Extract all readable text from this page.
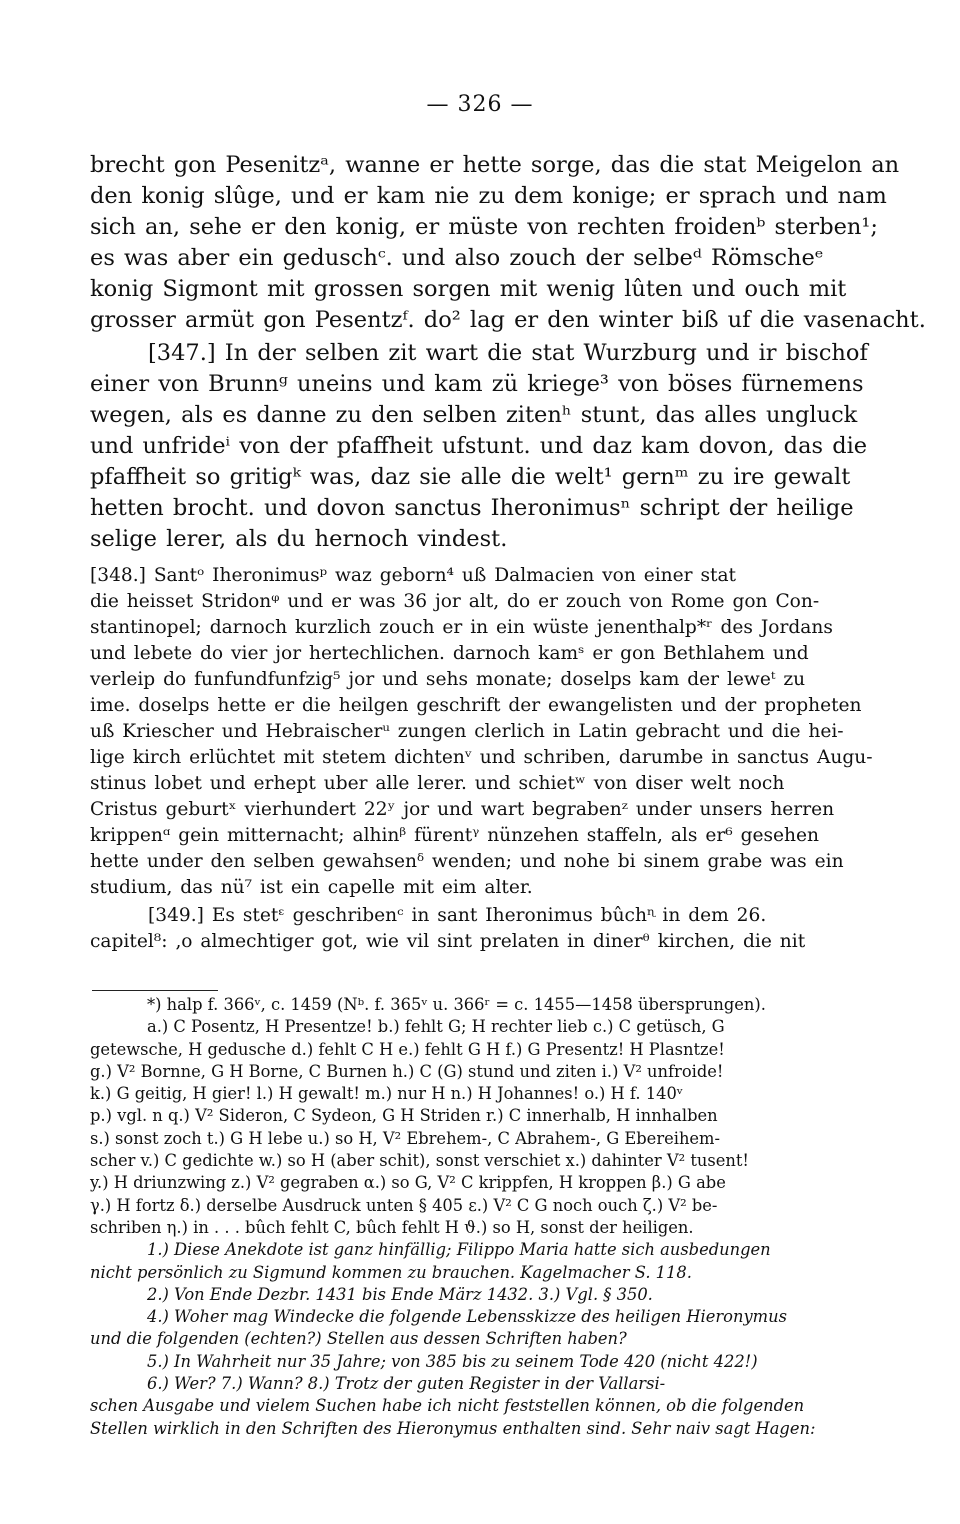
— 326 —
brecht gon Pesenitzᵃ, wanne er hette sorge, das die stat Meigelon an
den konig slûge, und er kam nie zu dem konige; er sprach und nam
sich an, sehe er den konig, er müste von rechten froidenᵇ sterben¹;
es was aber ein geduschᶜ. und also zouch der selbeᵈ Römscheᵉ
konig Sigmont mit grossen sorgen mit wenig lûten und ouch mit
grosser armüt gon Pesentzᶠ. do² lag er den winter biß uf die vasenacht.
[347.] In der selben zit wart die stat Wurzburg und ir bischof
einer von Brunnᵍ uneins und kam zü kriege³ von böses fürnemens
wegen, als es danne zu den selben zitenʰ stunt, das alles ungluck
und unfrideⁱ von der pfaffheit ufstunt. und daz kam dovon, das die
pfaffheit so gritigᵏ was, daz sie alle die welt¹ gernᵐ zu ire gewalt
hetten brocht. und dovon sanctus Iheronimusⁿ schript der heilige
selige lerer, als du hernoch vindest.
[348.] Santᵒ Iheronimusᵖ waz geborn⁴ uß Dalmacien von einer stat
die heisset Stridonᵠ und er was 36 jor alt, do er zouch von Rome gon Con-
stantinopel; darnoch kurzlich zouch er in ein wüste jenenthalp*ʳ des Jordans
und lebete do vier jor hertechlichen. darnoch kamˢ er gon Bethlahem und
verleip do funfundfunfzig⁵ jor und sehs monate; doselps kam der leweᵗ zu
ime. doselps hette er die heilgen geschrift der ewangelisten und der propheten
uß Kriescher und Hebraischerᵘ zungen clerlich in Latin gebracht und die hei-
lige kirch erlüchtet mit stetem dichtenᵛ und schriben, darumbe in sanctus Augu-
stinus lobet und erhept uber alle lerer. und schietʷ von diser welt noch
Cristus geburtˣ vierhundert 22ʸ jor und wart begrabenᶻ under unsers herren
krippenᵅ gein mitternacht; alhinᵝ fürentᵞ nünzehen staffeln, als er⁶ gesehen
hette under den selben gewahsenᵟ wenden; und nohe bi sinem grabe was ein
studium, das nü⁷ ist ein capelle mit eim alter.
[349.] Es stetᵋ geschribenᶜ in sant Iheronimus bûchᶯ in dem 26.
capitel⁸: ‚o almechtiger got, wie vil sint prelaten in dinerᶿ kirchen, die nit
*) halp f. 366ᵛ, c. 1459 (Nᵇ. f. 365ᵛ u. 366ʳ = c. 1455—1458 übersprungen).
a.) C Posentz, H Presentze! b.) fehlt G; H rechter lieb c.) C getüsch, G
getewsche, H gedusche d.) fehlt C H e.) fehlt G H f.) G Presentz! H Plasntze!
g.) V² Bornne, G H Borne, C Burnen h.) C (G) stund und ziten i.) V² unfroide!
k.) G geitig, H gier! l.) H gewalt! m.) nur H n.) H Johannes! o.) H f. 140ᵛ
p.) vgl. n q.) V² Sideron, C Sydeon, G H Striden r.) C innerhalb, H innhalben
s.) sonst zoch t.) G H lebe u.) so H, V² Ebrehem-, C Abrahem-, G Ebereihem-
scher v.) C gedichte w.) so H (aber schit), sonst verschiet x.) dahinter V² tusent!
y.) H driunzwing z.) V² gegraben α.) so G, V² C krippfen, H kroppen β.) G abe
γ.) H fortz δ.) derselbe Ausdruck unten § 405 ε.) V² C G noch ouch ζ.) V² be-
schriben η.) in . . . bûch fehlt C, bûch fehlt H ϑ.) so H, sonst der heiligen.
1.) Diese Anekdote ist ganz hinfällig; Filippo Maria hatte sich ausbedungen
nicht persönlich zu Sigmund kommen zu brauchen. Kagelmacher S. 118.
2.) Von Ende Dezbr. 1431 bis Ende März 1432. 3.) Vgl. § 350.
4.) Woher mag Windecke die folgende Lebensskizze des heiligen Hieronymus
und die folgenden (echten?) Stellen aus dessen Schriften haben?
5.) In Wahrheit nur 35 Jahre; von 385 bis zu seinem Tode 420 (nicht 422!)
6.) Wer? 7.) Wann? 8.) Trotz der guten Register in der Vallarsi-
schen Ausgabe und vielem Suchen habe ich nicht feststellen können, ob die folgenden
Stellen wirklich in den Schriften des Hieronymus enthalten sind. Sehr naiv sagt Hagen:
